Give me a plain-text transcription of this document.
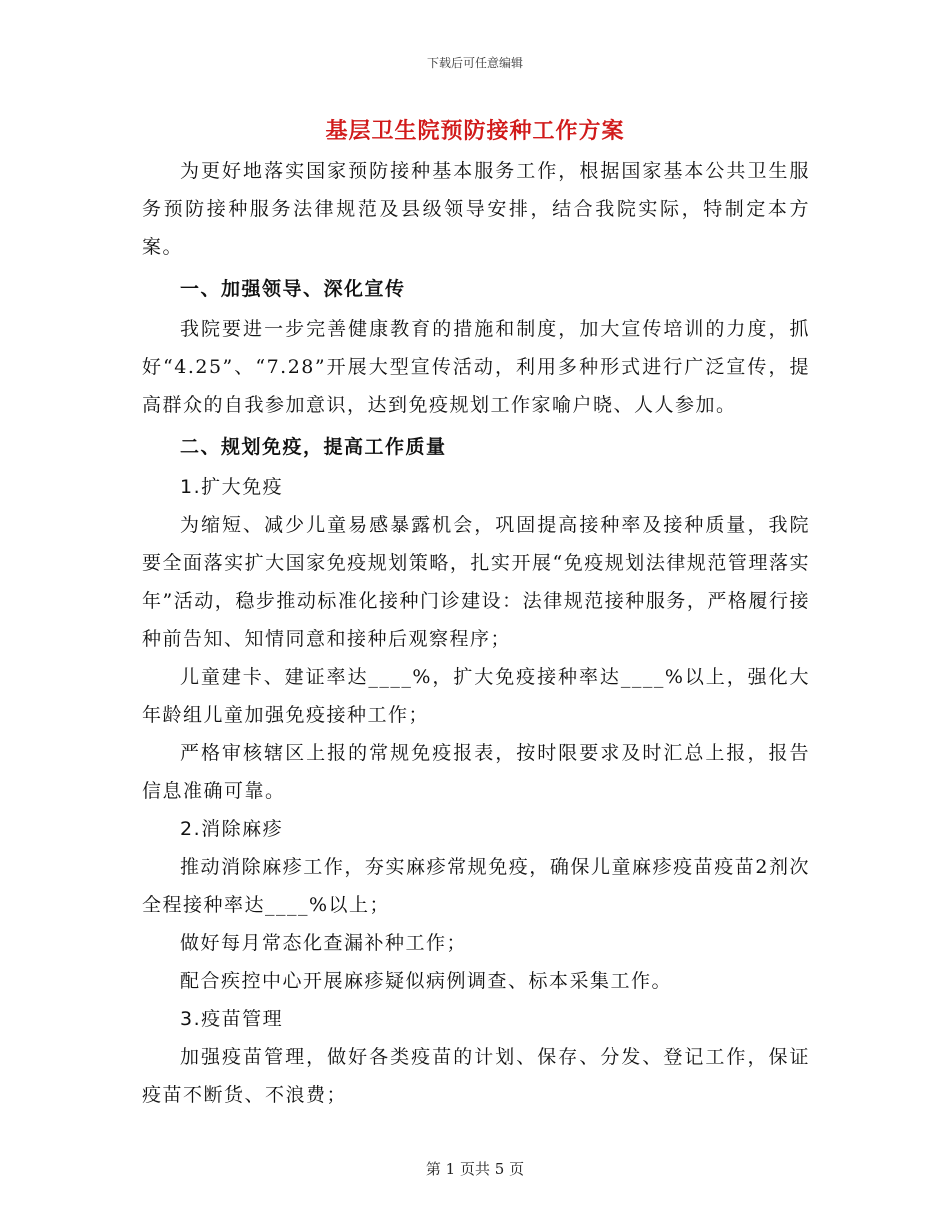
下载后可任意编辑
基层卫生院预防接种工作方案

为更好地落实国家预防接种基本服务工作，根据国家基本公共卫生服务预防接种服务法律规范及县级领导安排，结合我院实际，特制定本方案。

一、加强领导、深化宣传

我院要进一步完善健康教育的措施和制度，加大宣传培训的力度，抓好“4.25”、“7.28”开展大型宣传活动，利用多种形式进行广泛宣传，提高群众的自我参加意识，达到免疫规划工作家喻户晓、人人参加。

二、规划免疫，提高工作质量

1.扩大免疫

为缩短、减少儿童易感暴露机会，巩固提高接种率及接种质量，我院要全面落实扩大国家免疫规划策略，扎实开展“免疫规划法律规范管理落实年”活动，稳步推动标准化接种门诊建设：法律规范接种服务，严格履行接种前告知、知情同意和接种后观察程序；

儿童建卡、建证率达____%，扩大免疫接种率达____%以上，强化大年龄组儿童加强免疫接种工作；

严格审核辖区上报的常规免疫报表，按时限要求及时汇总上报，报告信息准确可靠。

2.消除麻疹

推动消除麻疹工作，夯实麻疹常规免疫，确保儿童麻疹疫苗疫苗2剂次全程接种率达____%以上；

做好每月常态化查漏补种工作；

配合疾控中心开展麻疹疑似病例调查、标本采集工作。

3.疫苗管理

加强疫苗管理，做好各类疫苗的计划、保存、分发、登记工作，保证疫苗不断货、不浪费；

第 1 页共 5 页
